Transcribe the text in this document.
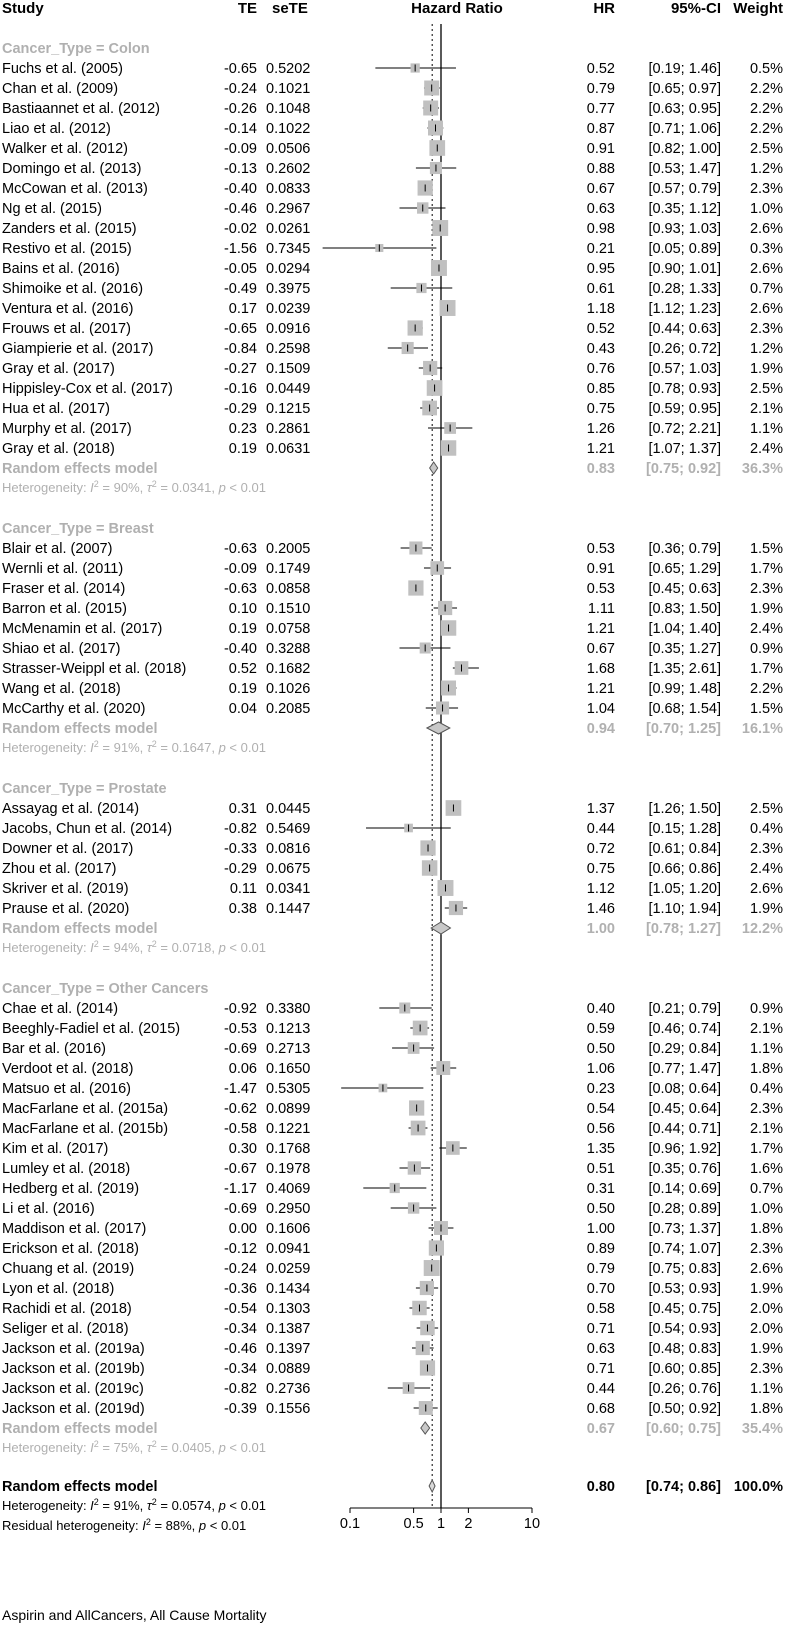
Study	TE seTE	Hazard Ratio	HR	95%-CI Weight
0.1	0.5 1 2	10
Cancer_Type = Colon
Fuchs et al. (2005)	-0.65 0.5202	0.52 [0.19; 1.46] 0.5%
Chan et al. (2009)	-0.24 0.1021	0.79 [0.65; 0.97] 2.2%
Bastiaannet et al. (2012)	-0.26 0.1048	0.77 [0.63; 0.95] 2.2%
Liao et al. (2012)	-0.14 0.1022	0.87 [0.71; 1.06] 2.2%
Walker et al. (2012)	-0.09 0.0506	0.91 [0.82; 1.00] 2.5%
Domingo et al. (2013)	-0.13 0.2602	0.88 [0.53; 1.47] 1.2%
McCowan et al. (2013)	-0.40 0.0833	0.67 [0.57; 0.79] 2.3%
Ng et al. (2015)	-0.46 0.2967	0.63 [0.35; 1.12] 1.0%
Zanders et al. (2015)	-0.02 0.0261	0.98 [0.93; 1.03] 2.6%
Restivo et al. (2015)	-1.56 0.7345	0.21 [0.05; 0.89] 0.3%
Bains et al. (2016)	-0.05 0.0294	0.95 [0.90; 1.01] 2.6%
Shimoike et al. (2016)	-0.49 0.3975	0.61 [0.28; 1.33] 0.7%
Ventura et al. (2016)	0.17 0.0239	1.18 [1.12; 1.23] 2.6%
Frouws et al. (2017)	-0.65 0.0916	0.52 [0.44; 0.63] 2.3%
Giampierie et al. (2017)	-0.84 0.2598	0.43 [0.26; 0.72] 1.2%
Gray et al. (2017)	-0.27 0.1509	0.76 [0.57; 1.03] 1.9%
Hippisley-Cox et al. (2017)	-0.16 0.0449	0.85 [0.78; 0.93] 2.5%
Hua et al. (2017)	-0.29 0.1215	0.75 [0.59; 0.95] 2.1%
Murphy et al. (2017)	0.23 0.2861	1.26 [0.72; 2.21] 1.1%
Gray et al. (2018)	0.19 0.0631	1.21 [1.07; 1.37] 2.4%
Random effects model	0.83 [0.75; 0.92] 36.3%
Heterogeneity: $I^2 = 90\%$, $\tau^2 = 0.0341$, p < 0.01
Cancer_Type = Breast
Blair et al. (2007)	-0.63 0.2005	0.53 [0.36; 0.79] 1.5%
Wernli et al. (2011)	-0.09 0.1749	0.91 [0.65; 1.29] 1.7%
Fraser et al. (2014)	-0.63 0.0858	0.53 [0.45; 0.63] 2.3%
Barron et al. (2015)	0.10 0.1510	1.11 [0.83; 1.50] 1.9%
McMenamin et al. (2017)	0.19 0.0758	1.21 [1.04; 1.40] 2.4%
Shiao et al. (2017)	-0.40 0.3288	0.67 [0.35; 1.27] 0.9%
Strasser-Weippl et al. (2018)	0.52 0.1682	1.68 [1.35; 2.61] 1.7%
Wang et al. (2018)	0.19 0.1026	1.21 [0.99; 1.48] 2.2%
McCarthy et al. (2020)	0.04 0.2085	1.04 [0.68; 1.54] 1.5%
Random effects model	0.94 [0.70; 1.25] 16.1%
Heterogeneity: $I^2 = 91\%$, $\tau^2 = 0.1647$, p < 0.01
Cancer_Type = Prostate
Assayag et al. (2014)	0.31 0.0445	1.37 [1.26; 1.50] 2.5%
Jacobs, Chun et al. (2014)	-0.82 0.5469	0.44 [0.15; 1.28] 0.4%
Downer et al. (2017)	-0.33 0.0816	0.72 [0.61; 0.84] 2.3%
Zhou et al. (2017)	-0.29 0.0675	0.75 [0.66; 0.86] 2.4%
Skriver et al. (2019)	0.11 0.0341	1.12 [1.05; 1.20] 2.6%
Prause et al. (2020)	0.38 0.1447	1.46 [1.10; 1.94] 1.9%
Random effects model	1.00 [0.78; 1.27] 12.2%
Heterogeneity: $I^2 = 94\%$, $\tau^2 = 0.0718$, p < 0.01
Cancer_Type = Other Cancers
Chae et al. (2014)	-0.92 0.3380	0.40 [0.21; 0.79] 0.9%
Beeghly-Fadiel et al. (2015)	-0.53 0.1213	0.59 [0.46; 0.74] 2.1%
Bar et al. (2016)	-0.69 0.2713	0.50 [0.29; 0.84] 1.1%
Verdoot et al. (2018)	0.06 0.1650	1.06 [0.77; 1.47] 1.8%
Matsuo et al. (2016)	-1.47 0.5305	0.23 [0.08; 0.64] 0.4%
MacFarlane et al. (2015a)	-0.62 0.0899	0.54 [0.45; 0.64] 2.3%
MacFarlane et al. (2015b)	-0.58 0.1221	0.56 [0.44; 0.71] 2.1%
Kim et al. (2017)	0.30 0.1768	1.35 [0.96; 1.92] 1.7%
Lumley et al. (2018)	-0.67 0.1978	0.51 [0.35; 0.76] 1.6%
Hedberg et al. (2019)	-1.17 0.4069	0.31 [0.14; 0.69] 0.7%
Li et al. (2016)	-0.69 0.2950	0.50 [0.28; 0.89] 1.0%
Maddison et al. (2017)	0.00 0.1606	1.00 [0.73; 1.37] 1.8%
Erickson et al. (2018)	-0.12 0.0941	0.89 [0.74; 1.07] 2.3%
Chuang et al. (2019)	-0.24 0.0259	0.79 [0.75; 0.83] 2.6%
Lyon et al. (2018)	-0.36 0.1434	0.70 [0.53; 0.93] 1.9%
Rachidi et al. (2018)	-0.54 0.1303	0.58 [0.45; 0.75] 2.0%
Seliger et al. (2018)	-0.34 0.1387	0.71 [0.54; 0.93] 2.0%
Jackson et al. (2019a)	-0.46 0.1397	0.63 [0.48; 0.83] 1.9%
Jackson et al. (2019b)	-0.34 0.0889	0.71 [0.60; 0.85] 2.3%
Jackson et al. (2019c)	-0.82 0.2736	0.44 [0.26; 0.76] 1.1%
Jackson et al. (2019d)	-0.39 0.1556	0.68 [0.50; 0.92] 1.8%
Random effects model	0.67 [0.60; 0.75] 35.4%
Heterogeneity: $I^2 = 75\%$, $\tau^2 = 0.0405$, p < 0.01
Random effects model	0.80 [0.74; 0.86] 100.0%
Heterogeneity: $I^2 = 91\%$, $\tau^2 = 0.0574$, p < 0.01
Residual heterogeneity: $I^2 = 88\%$, p < 0.01
Aspirin and AllCancers, All Cause Mortality
